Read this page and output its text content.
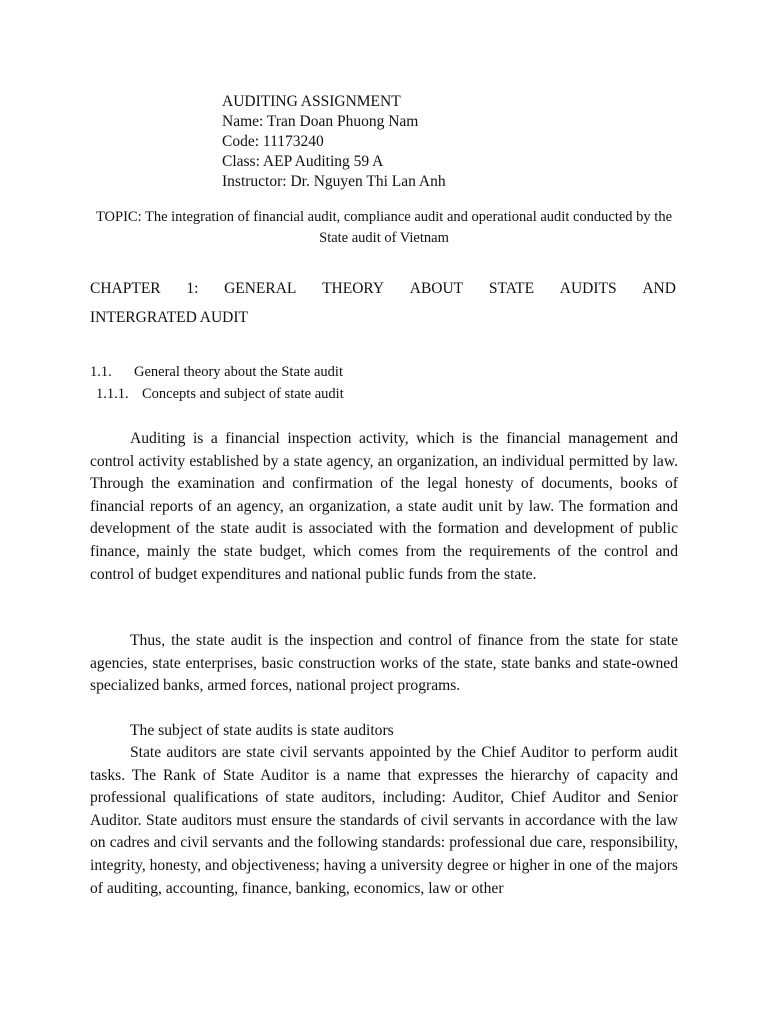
AUDITING ASSIGNMENT
Name: Tran Doan Phuong Nam
Code: 11173240
Class: AEP Auditing 59 A
Instructor: Dr. Nguyen Thi Lan Anh
TOPIC: The integration of financial audit, compliance audit and operational audit conducted by the State audit of Vietnam
CHAPTER 1: GENERAL THEORY ABOUT STATE AUDITS AND
INTERGRATED AUDIT
1.1. General theory about the State audit
1.1.1. Concepts and subject of state audit

Auditing is a financial inspection activity, which is the financial management and control activity established by a state agency, an organization, an individual permitted by law. Through the examination and confirmation of the legal honesty of documents, books of financial reports of an agency, an organization, a state audit unit by law. The formation and development of the state audit is associated with the formation and development of public finance, mainly the state budget, which comes from the requirements of the control and control of budget expenditures and national public funds from the state.

Thus, the state audit is the inspection and control of finance from the state for state agencies, state enterprises, basic construction works of the state, state banks and state-owned specialized banks, armed forces, national project programs.

The subject of state audits is state auditors

State auditors are state civil servants appointed by the Chief Auditor to perform audit tasks. The Rank of State Auditor is a name that expresses the hierarchy of capacity and professional qualifications of state auditors, including: Auditor, Chief Auditor and Senior Auditor. State auditors must ensure the standards of civil servants in accordance with the law on cadres and civil servants and the following standards: professional due care, responsibility, integrity, honesty, and objectiveness; having a university degree or higher in one of the majors of auditing, accounting, finance, banking, economics, law or other
